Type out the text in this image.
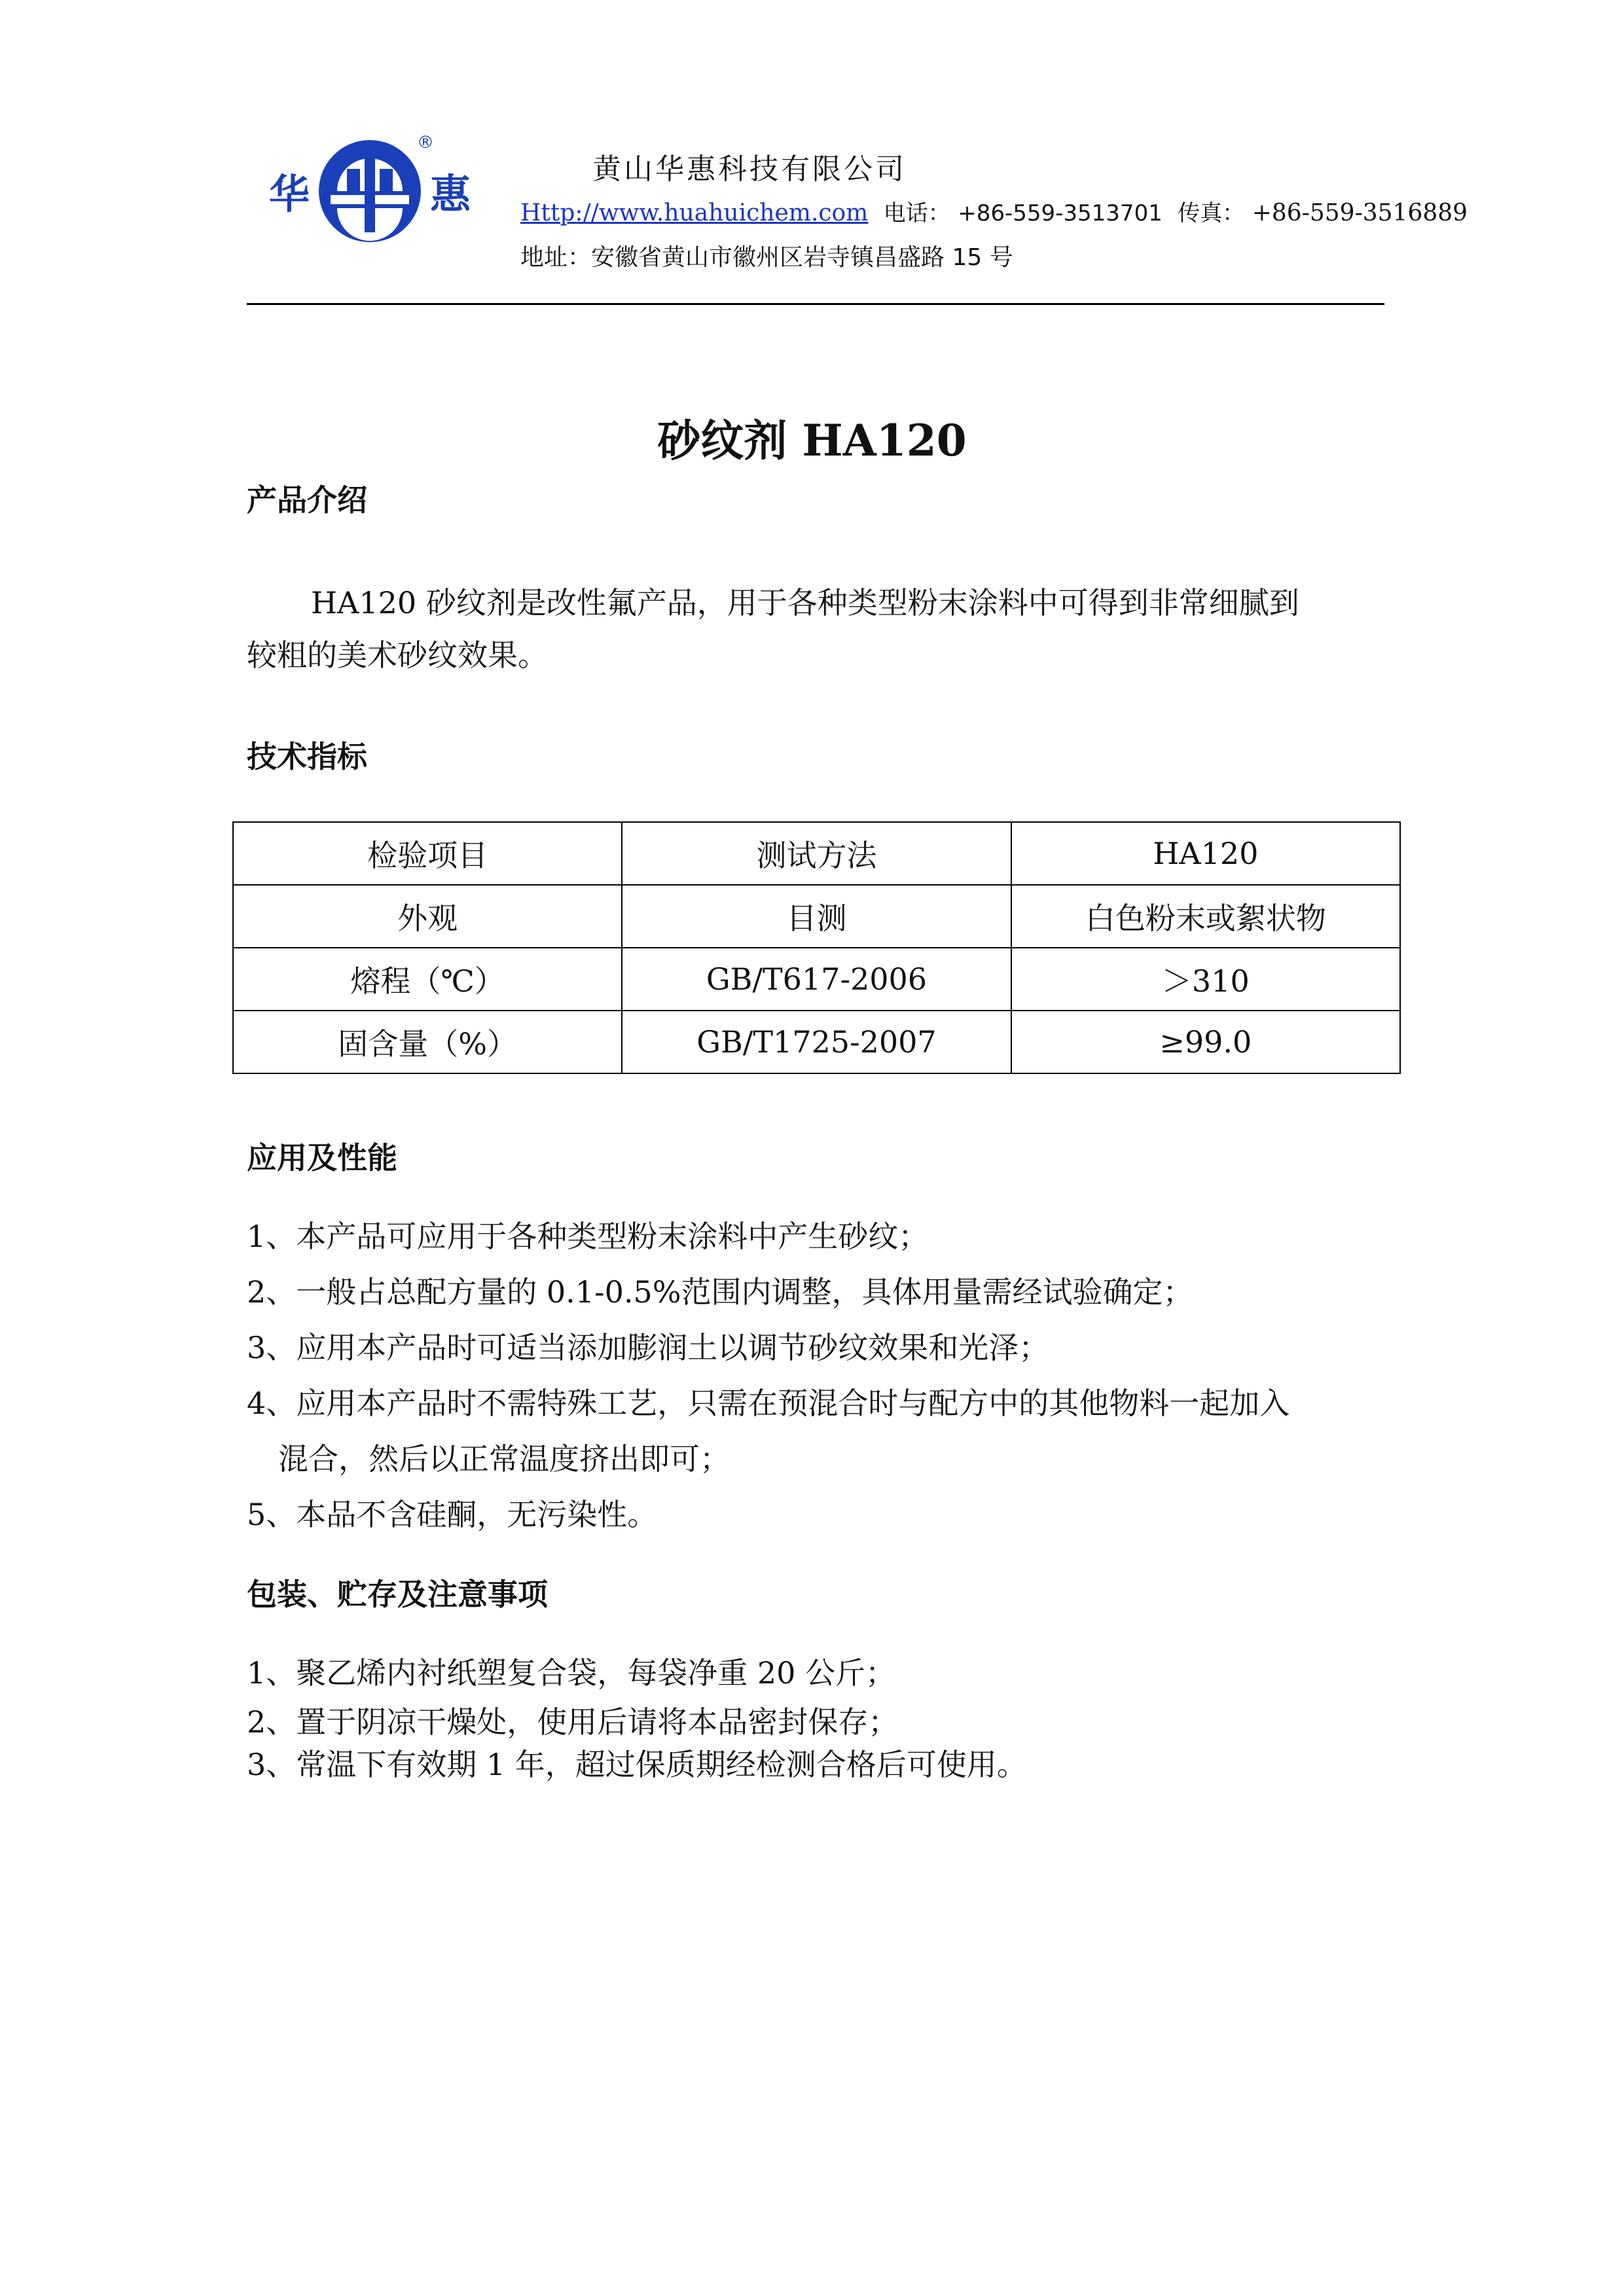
华	惠
®
黄山华惠科技有限公司
Http://www.huahuichem.com 电话： +86-559-3513701 传真： +86-559-3516889
地址：安徽省黄山市徽州区岩寺镇昌盛路 15 号
砂纹剂 HA120
产品介绍
HA120 砂纹剂是改性氟产品，用于各种类型粉末涂料中可得到非常细腻到
较粗的美术砂纹效果。
技术指标
检验项目	测试方法	HA120
外观	目测	白色粉末或絮状物
熔程（℃）	GB/T617-2006	＞310
固含量（%）	GB/T1725-2007	≥99.0
应用及性能
1、本产品可应用于各种类型粉末涂料中产生砂纹；
2、一般占总配方量的 0.1-0.5%范围内调整，具体用量需经试验确定；
3、应用本产品时可适当添加膨润土以调节砂纹效果和光泽；
4、应用本产品时不需特殊工艺，只需在预混合时与配方中的其他物料一起加入
混合，然后以正常温度挤出即可；
5、本品不含硅酮，无污染性。
包装、贮存及注意事项
1、聚乙烯内衬纸塑复合袋，每袋净重 20 公斤；
2、置于阴凉干燥处，使用后请将本品密封保存；
3、常温下有效期 1 年，超过保质期经检测合格后可使用。
